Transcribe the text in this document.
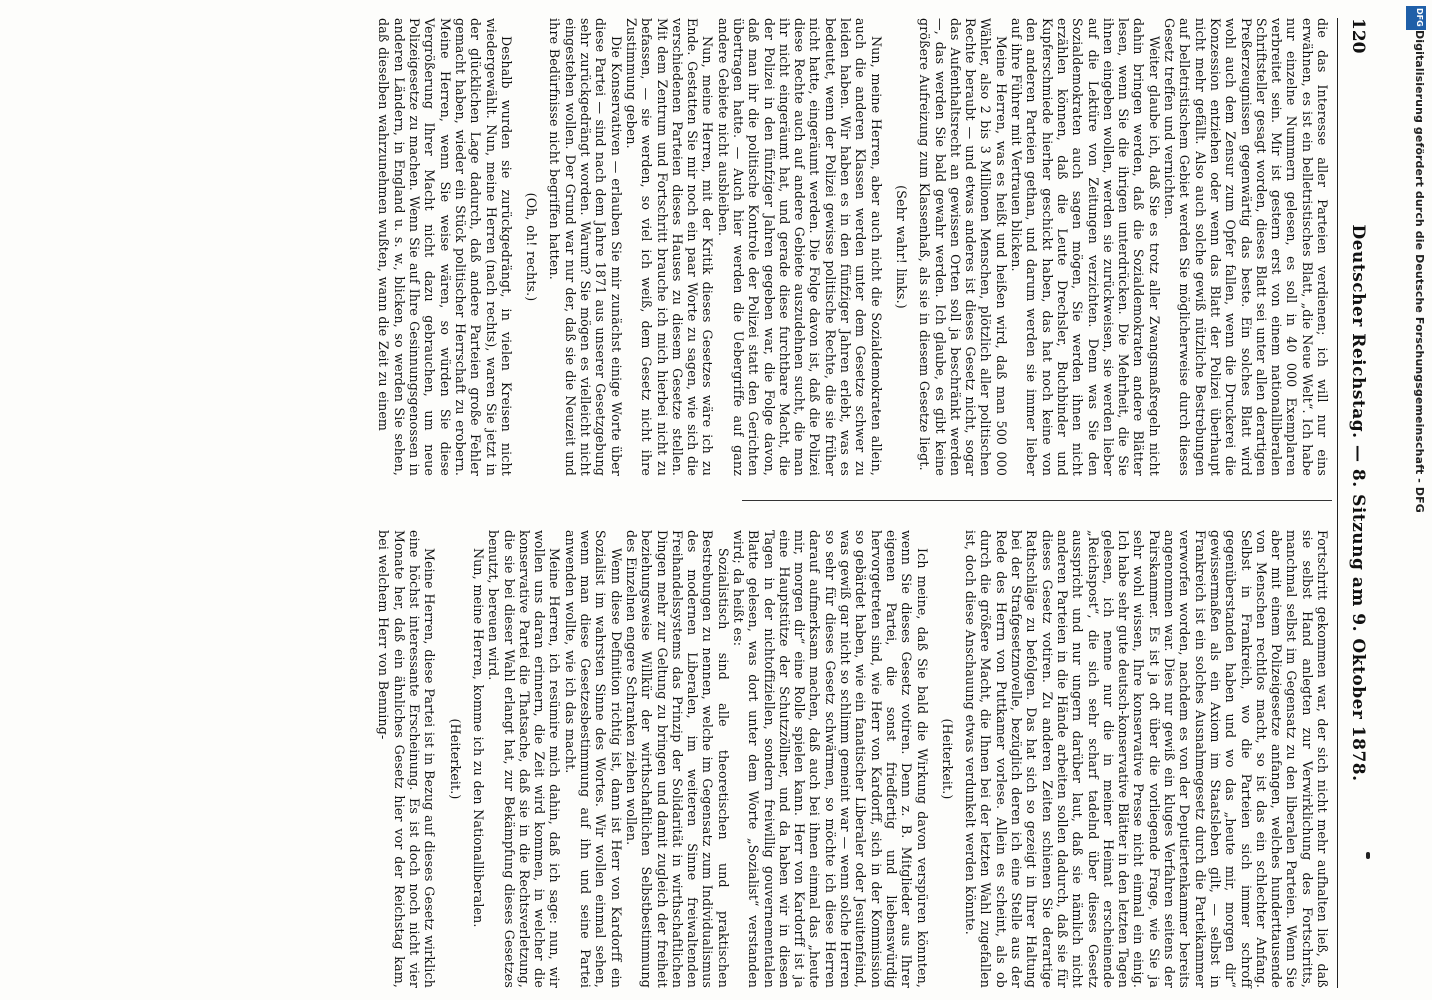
120
Deutscher Reichstag. — 8. Sitzung am 9. Oktober 1878.

die das Interesse aller Parteien verdienen; ich will nur eins erwähnen, es ist ein belletristisches Blatt, „die Neue Welt“. Ich habe nur einzelne Nummern gelesen, es soll in 40 000 Exemplaren verbreitet sein. Mir ist gestern erst von einem nationalliberalen Schriftsteller gesagt worden, dieses Blatt sei unter allen derartigen Preßerzeugnissen gegenwärtig das beste. Ein solches Blatt wird wohl auch dem Zensur zum Opfer fallen, wenn die Druckerei die Konzession entziehen oder wenn das Blatt der Polizei überhaupt nicht mehr gefällt. Also auch solche gewiß nützliche Bestrebungen auf belletristischem Gebiet werden Sie möglicherweise durch dieses Gesetz treffen und vernichten.

Weiter glaube ich, daß Sie es trotz aller Zwangsmaßregeln nicht dahin bringen werden, daß die Sozialdemokraten andere Blätter lesen, wenn Sie die ihrigen unterdrücken. Die Mehrheit, die Sie ihnen eingeben wollen, werden sie zurückweisen, sie werden lieber auf die Lektüre von Zeitungen verzichten. Denn was Sie den Sozialdemokraten auch sagen mögen, Sie werden ihnen nicht erzählen können, daß die Leute Drechsler, Buchbinder und Kupferschmiede hierher geschickt haben, das hat noch keine von den anderen Parteien gethan, und darum werden sie immer lieber auf ihre Führer mit Vertrauen blicken.

Meine Herren, was es heißt und heißen wird, daß man 500 000 Wähler, also 2 bis 3 Millionen Menschen, plötzlich aller politischen Rechte beraubt — und etwas anderes ist dieses Gesetz nicht, sogar das Aufenthaltsrecht an gewissen Orten soll ja beschränkt werden —, das werden Sie bald gewahr werden. Ich glaube, es gibt keine größere Aufreizung zum Klassenhaß, als sie in diesem Gesetze liegt.

(Sehr wahr! links.)

Nun, meine Herren, aber auch nicht die Sozialdemokraten allein, auch die anderen Klassen werden unter dem Gesetze schwer zu leiden haben. Wir haben es in den fünfziger Jahren erlebt, was es bedeutet, wenn der Polizei gewisse politische Rechte, die sie früher nicht hatte, eingeräumt werden. Die Folge davon ist, daß die Polizei diese Rechte auch auf andere Gebiete auszudehnen sucht, die man ihr nicht eingeräumt hat, und gerade diese furchtbare Macht, die der Polizei in den fünfziger Jahren gegeben war, die Folge davon, daß man ihr die politische Kontrole der Polizei statt den Gerichten übertragen hatte. — Auch hier werden die Uebergriffe auf ganz andere Gebiete nicht ausbleiben.

Nun, meine Herren, mit der Kritik dieses Gesetzes wäre ich zu Ende. Gestatten Sie mir noch ein paar Worte zu sagen, wie sich die verschiedenen Parteien dieses Hauses zu diesem Gesetze stellen. Mit dem Zentrum und Fortschritt brauche ich mich hierbei nicht zu befassen, — sie werden, so viel ich weiß, dem Gesetz nicht ihre Zustimmung geben.

Die Konservativen — erlauben Sie mir zunächst einige Worte über diese Partei — sind nach dem Jahre 1871 aus unserer Gesetzgebung sehr zurückgedrängt worden. Warum? Sie mögen es vielleicht nicht eingestehen wollen. Der Grund war nur der, daß sie die Neuzeit und ihre Bedürfnisse nicht begriffen hatten.

(Oh, oh! rechts.)

Deshalb wurden sie zurückgedrängt, in vielen Kreisen nicht wiedergewählt. Nun, meine Herren (nach rechts), waren Sie jetzt in der glücklichen Lage dadurch, daß andere Parteien große Fehler gemacht haben, wieder ein Stück politischer Herrschaft zu erobern. Meine Herren, wenn Sie weise wären, so würden Sie diese Vergrößerung Ihrer Macht nicht dazu gebrauchen, um neue Polizeigesetze zu machen. Wenn Sie auf Ihre Gesinnungsgenossen in anderen Ländern, in England u. s. w., blicken, so werden Sie sehen, daß dieselben wahrzunehmen wußten, wann die Zeit zu einem

Fortschritt gekommen war, der sich nicht mehr aufhalten ließ, daß sie selbst Hand anlegten zur Verwirklichung des Fortschritts, manchmal selbst im Gegensatz zu den liberalen Parteien. Wenn Sie aber mit einem Polizeigesetze anfangen, welches hunderttausende von Menschen rechtlos macht, so ist das ein schlechter Anfang. Selbst in Frankreich, wo die Parteien sich immer schroff gegenüberstanden haben und wo das „heute mir, morgen dir“ gewissermaßen als ein Axiom im Staatsleben gilt, — selbst in Frankreich ist ein solches Ausnahmegesetz durch die Parteikammer verworfen worden, nachdem es von der Deputiertenkammer bereits angenommen war. Dies nur gewiß ein kluges Verfahren seitens der Pairskammer. Es ist ja oft über die vorliegende Frage, wie Sie ja sehr wohl wissen, Ihre konservative Presse nicht einmal ein einig. Ich habe sehr gute deutsch-konservative Blätter in den letzten Tagen gelesen, ich nenne nur die in meiner Heimat erscheinende „Reichspost“, die sich sehr scharf tadelnd über dieses Gesetz ausspricht und nur ungern darüber laut, daß sie nämlich nicht anderen Parteien in die Hände arbeiten sollen dadurch, daß sie für dieses Gesetz votiren. Zu anderen Zeiten schienen Sie derartige Rathschläge zu befolgen. Das hat sich so gezeigt in Ihrer Haltung bei der Strafgesetznovelle, bezüglich deren ich eine Stelle aus der Rede des Herrn von Puttkamer vorlese. Allein es scheint, als ob durch die größere Macht, die Ihnen bei der letzten Wahl zugefallen ist, doch diese Anschauung etwas verdunkelt werden könnte.

(Heiterkeit.)

Ich meine, daß Sie bald die Wirkung davon verspüren könnten, wenn Sie dieses Gesetz votiren. Denn z. B. Mitglieder aus Ihrer eigenen Partei, die sonst friedfertig und liebenswürdig hervorgetreten sind, wie Herr von Kardorff, sich in der Kommission so gebärdet haben, wie ein fanatischer Liberaler oder Jesuitenfeind, was gewiß gar nicht so schlimm gemeint war — wenn solche Herren so sehr für dieses Gesetz schwärmen, so möchte ich diese Herren darauf aufmerksam machen, daß auch bei ihnen einmal das „heute mir, morgen dir“ eine Rolle spielen kann. Herr von Kardorff ist ja eine Hauptstütze der Schutzzöllner, und da haben wir in diesen Tagen in der nichtoffiziellen, sondern freiwillig gouvernementalen Blatte gelesen, was dort unter dem Worte „Sozialist“ verstanden wird; da heißt es:

Sozialistisch sind alle theoretischen und praktischen Bestrebungen zu nennen, welche im Gegensatz zum Individualismus des modernen Liberalen, im weiteren Sinne freiwaltenden Freihandelssystems das Prinzip der Solidarität in wirthschaftlichen Dingen mehr zur Geltung zu bringen und damit zugleich der freiheit beziehungsweise Willkür der wirthschaftlichen Selbstbestimmung des Einzelnen engere Schranken ziehen wollen.

Wenn diese Definition richtig ist, dann ist Herr von Kardorff ein Sozialist im wahrsten Sinne des Wortes. Wir wollen einmal sehen, wenn man diese Gesetzesbestimmung auf ihn und seine Partei anwenden wollte, wie ich das macht.

Meine Herren, ich resümire mich dahin, daß ich sage: nun, wir wollen uns daran erinnern, die Zeit wird kommen, in welcher die konservative Partei die Thatsache, daß sie in die Rechtsverletzung, die sie bei dieser Wahl erlangt hat, zur Bekämpfung dieses Gesetzes benutzt, bereuen wird.

Nun, meine Herren, komme ich zu den Nationalliberalen.

(Heiterkeit.)

Meine Herren, diese Partei ist in Bezug auf dieses Gesetz wirklich eine höchst interessante Erscheinung. Es ist doch noch nicht vier Monate her, daß ein ähnliches Gesetz hier vor der Reichstag kam, bei welchem Herr von Benning-

DFG
Digitalisierung gefördert durch die Deutsche Forschungsgemeinschaft - DFG
